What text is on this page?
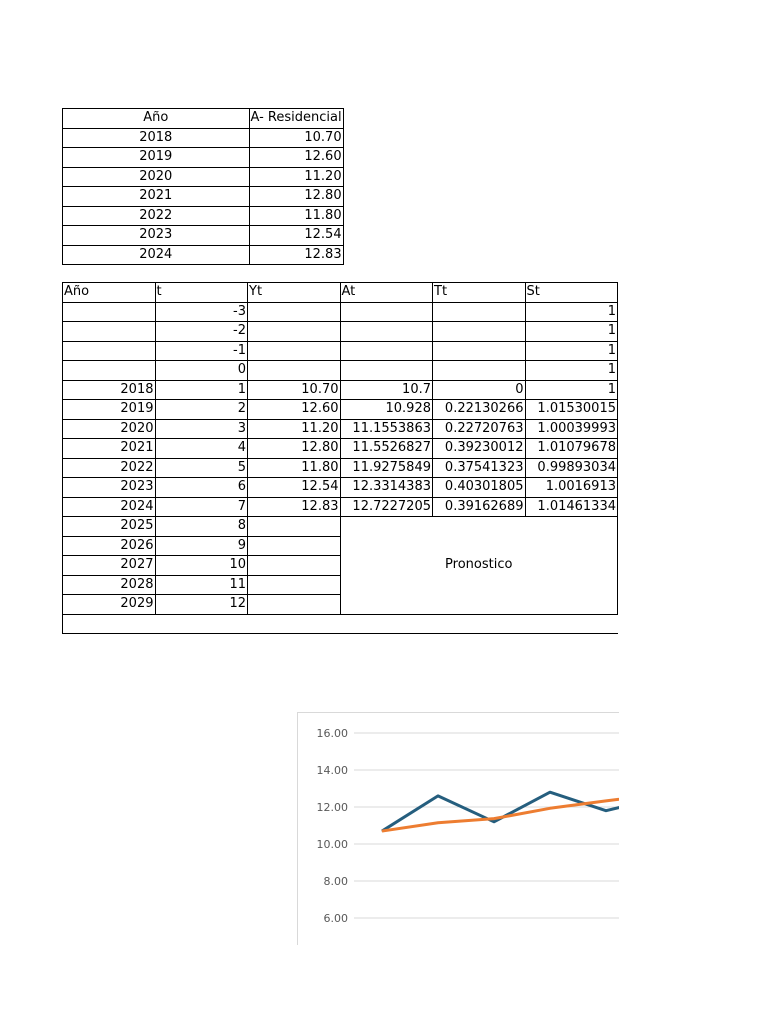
Año	A- Residencial
2018	10.70
2019	12.60
2020	11.20
2021	12.80
2022	11.80
2023	12.54
2024	12.83
Año	t	Yt	At	Tt	St
	-3				1
	-2				1
	-1				1
	0				1
2018	1	10.70	10.7	0	1
2019	2	12.60	10.928	0.22130266	1.01530015
2020	3	11.20	11.1553863	0.22720763	1.00039993
2021	4	12.80	11.5526827	0.39230012	1.01079678
2022	5	11.80	11.9275849	0.37541323	0.99893034
2023	6	12.54	12.3314383	0.40301805	1.0016913
2024	7	12.83	12.7227205	0.39162689	1.01461334
2025	8		Pronostico		
2026	9				
2027	10				
2028	11				
2029	12				

16.00
14.00
12.00
10.00
8.00
6.00
